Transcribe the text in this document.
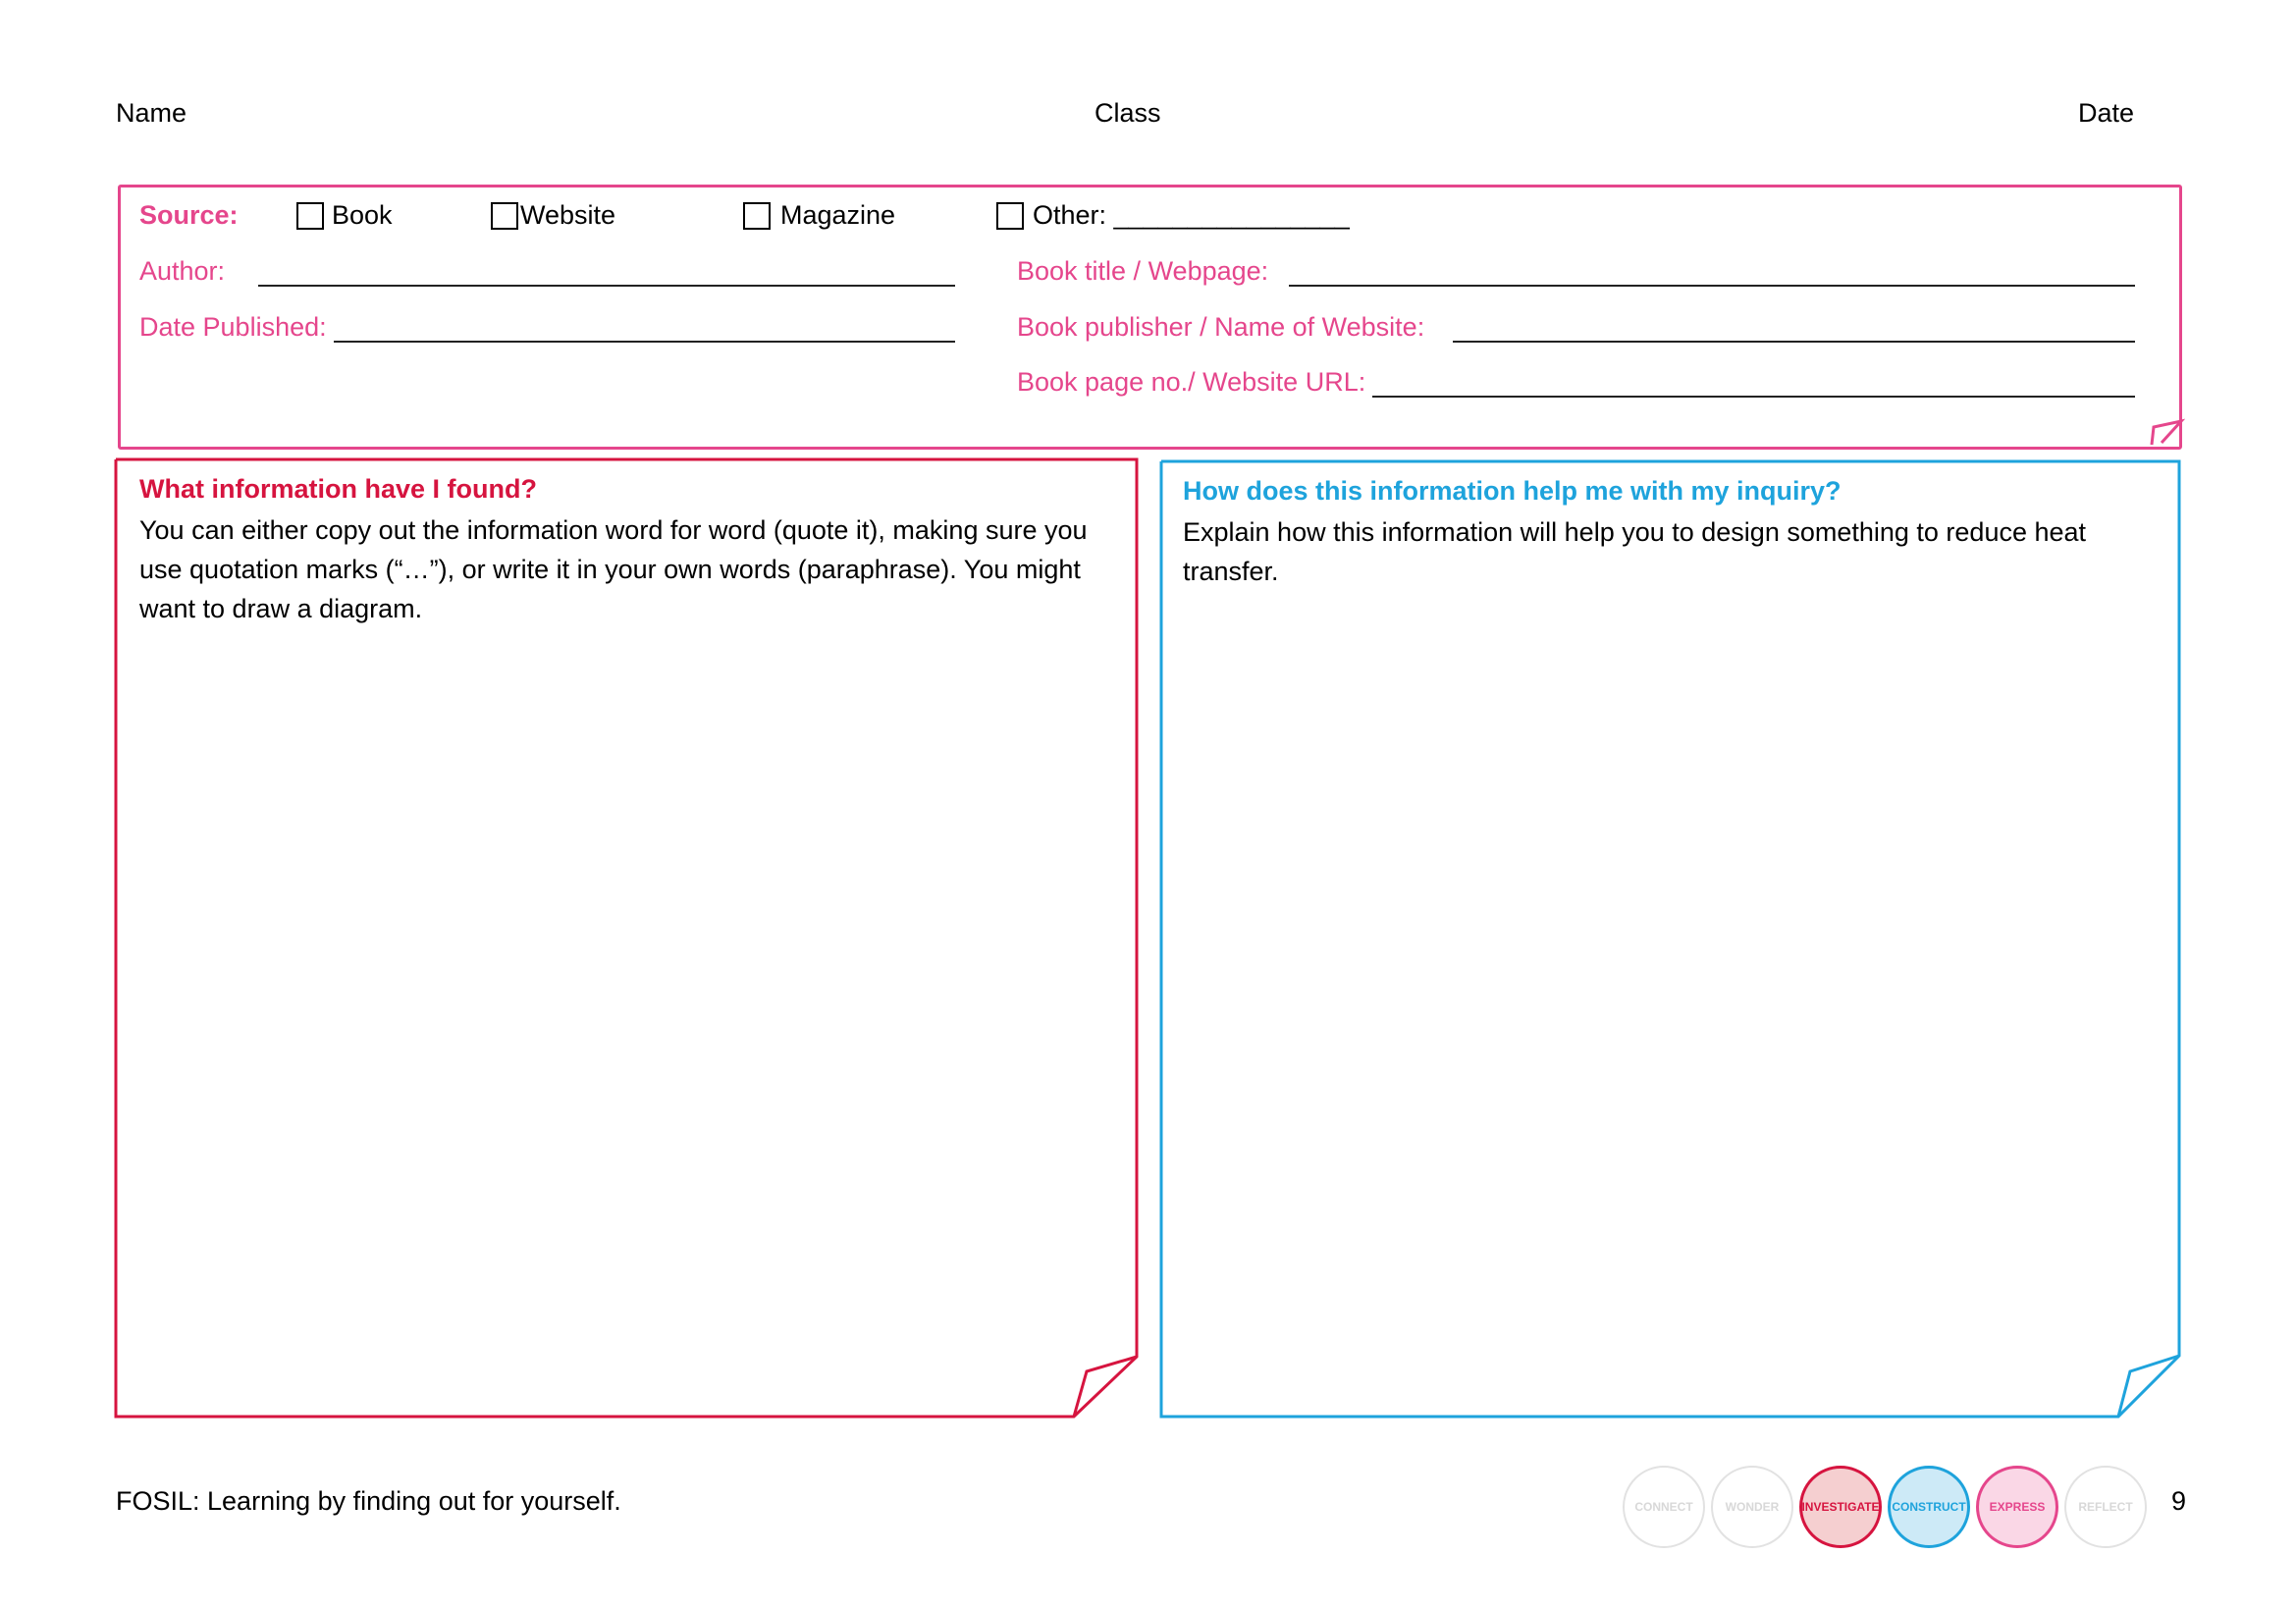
Name	Class	Date
Source:	Book	Website	Magazine	Other: ________________
Author:
Date Published:
Book title / Webpage:
Book publisher / Name of Website:
Book page no./ Website URL:
What information have I found?
You can either copy out the information word for word (quote it), making sure you use quotation marks (“…”), or write it in your own words (paraphrase). You might want to draw a diagram.
How does this information help me with my inquiry?
Explain how this information will help you to design something to reduce heat transfer.
FOSIL: Learning by finding out for yourself.	CONNECT	WONDER	INVESTIGATE	CONSTRUCT	EXPRESS	REFLECT	9
